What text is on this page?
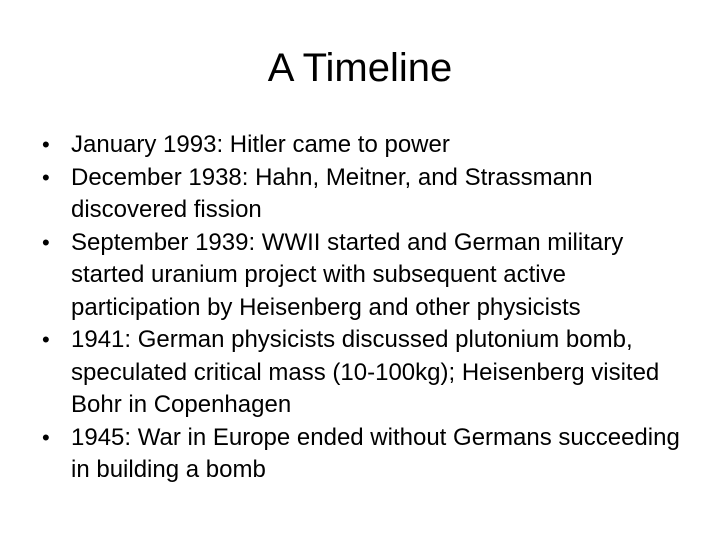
A Timeline
• January 1993: Hitler came to power
• December 1938: Hahn, Meitner, and Strassmann discovered fission
• September 1939: WWII started and German military started uranium project with subsequent active participation by Heisenberg and other physicists
• 1941: German physicists discussed plutonium bomb, speculated critical mass (10-100kg); Heisenberg visited Bohr in Copenhagen
• 1945: War in Europe ended without Germans succeeding in building a bomb
